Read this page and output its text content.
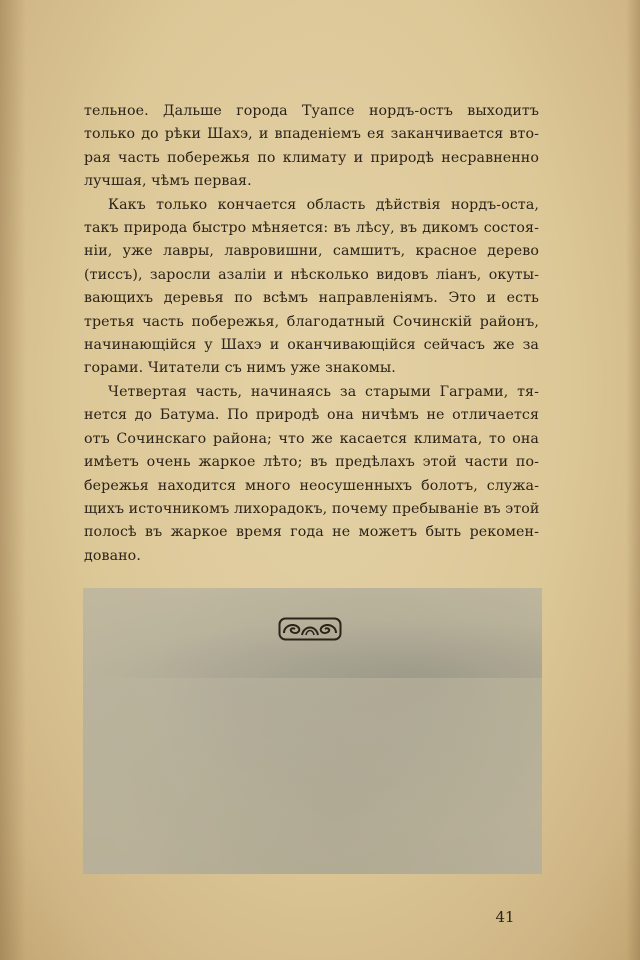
тельное. Дальше города Туапсе нордъ-остъ выходитъ
только до рѣки Шахэ, и впаденіемъ ея заканчивается вто-
рая часть побережья по климату и природѣ несравненно
лучшая, чѣмъ первая.
Какъ только кончается область дѣйствія нордъ-оста,
такъ природа быстро мѣняется: въ лѣсу, въ дикомъ состоя-
ніи, уже лавры, лавровишни, самшитъ, красное дерево
(тиссъ), заросли азаліи и нѣсколько видовъ ліанъ, окуты-
вающихъ деревья по всѣмъ направленіямъ. Это и есть
третья часть побережья, благодатный Сочинскій районъ,
начинающійся у Шахэ и оканчивающійся сейчасъ же за
горами. Читатели съ нимъ уже знакомы.
Четвертая часть, начинаясь за старыми Гаграми, тя-
нется до Батума. По природѣ она ничѣмъ не отличается
отъ Сочинскаго района; что же касается климата, то она
имѣетъ очень жаркое лѣто; въ предѣлахъ этой части по-
бережья находится много неосушенныхъ болотъ, служа-
щихъ источникомъ лихорадокъ, почему пребываніе въ этой
полосѣ въ жаркое время года не можетъ быть рекомен-
довано.
41
